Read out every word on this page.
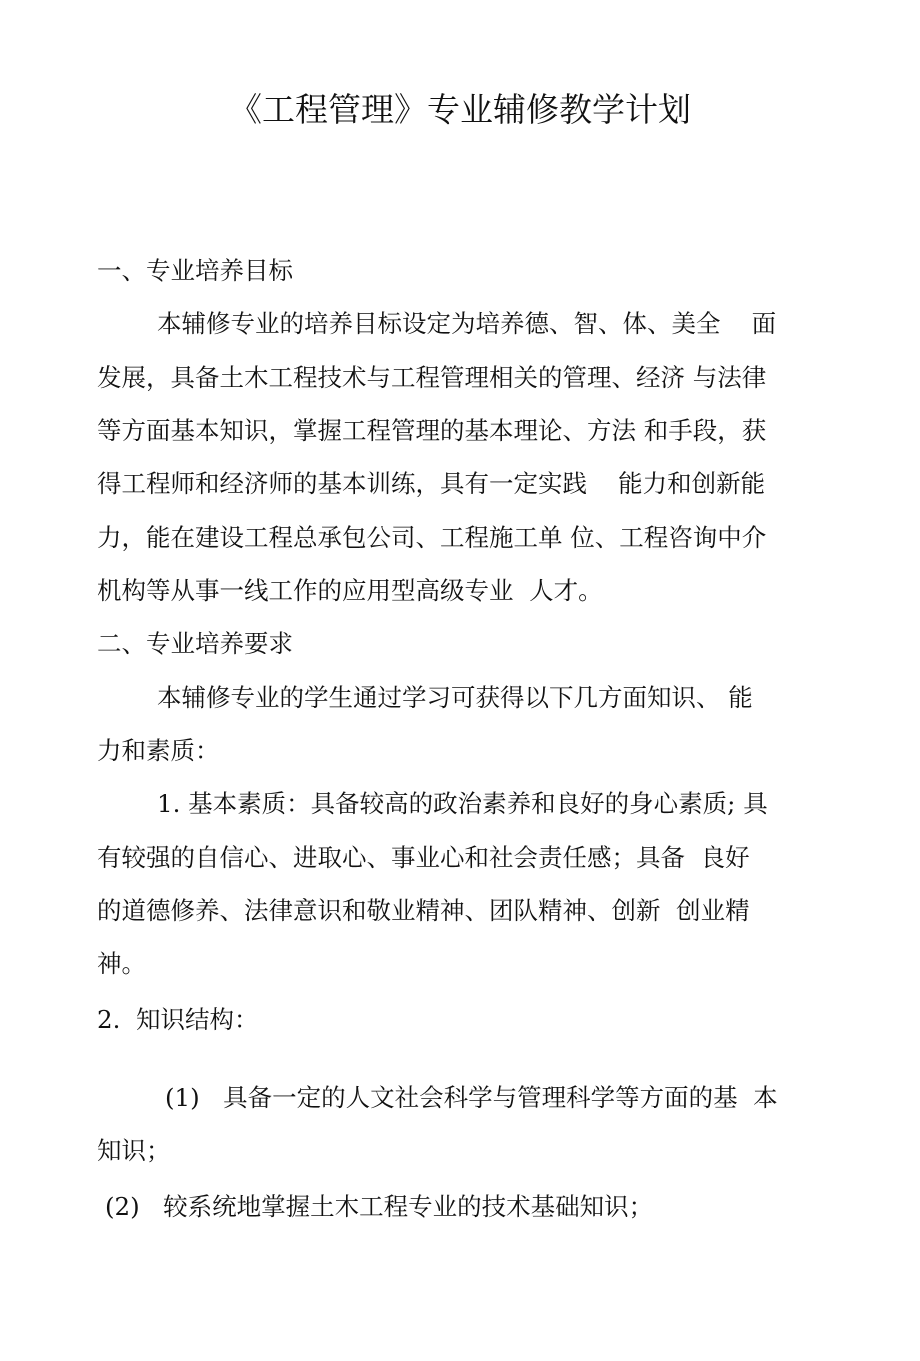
《工程管理》专业辅修教学计划
一、专业培养目标
本辅修专业的培养目标设定为培养德、智、体、美全    面
发展，具备土木工程技术与工程管理相关的管理、经济 与法律
等方面基本知识，掌握工程管理的基本理论、方法 和手段，获
得工程师和经济师的基本训练，具有一定实践    能力和创新能
力，能在建设工程总承包公司、工程施工单 位、工程咨询中介
机构等从事一线工作的应用型高级专业  人才。
二、专业培养要求
本辅修专业的学生通过学习可获得以下几方面知识、 能
力和素质：
1. 基本素质：具备较高的政治素养和良好的身心素质; 具
有较强的自信心、进取心、事业心和社会责任感；具备  良好
的道德修养、法律意识和敬业精神、团队精神、创新  创业精
神。
2.  知识结构：
(1)   具备一定的人文社会科学与管理科学等方面的基  本
知识；
(2)   较系统地掌握土木工程专业的技术基础知识；
